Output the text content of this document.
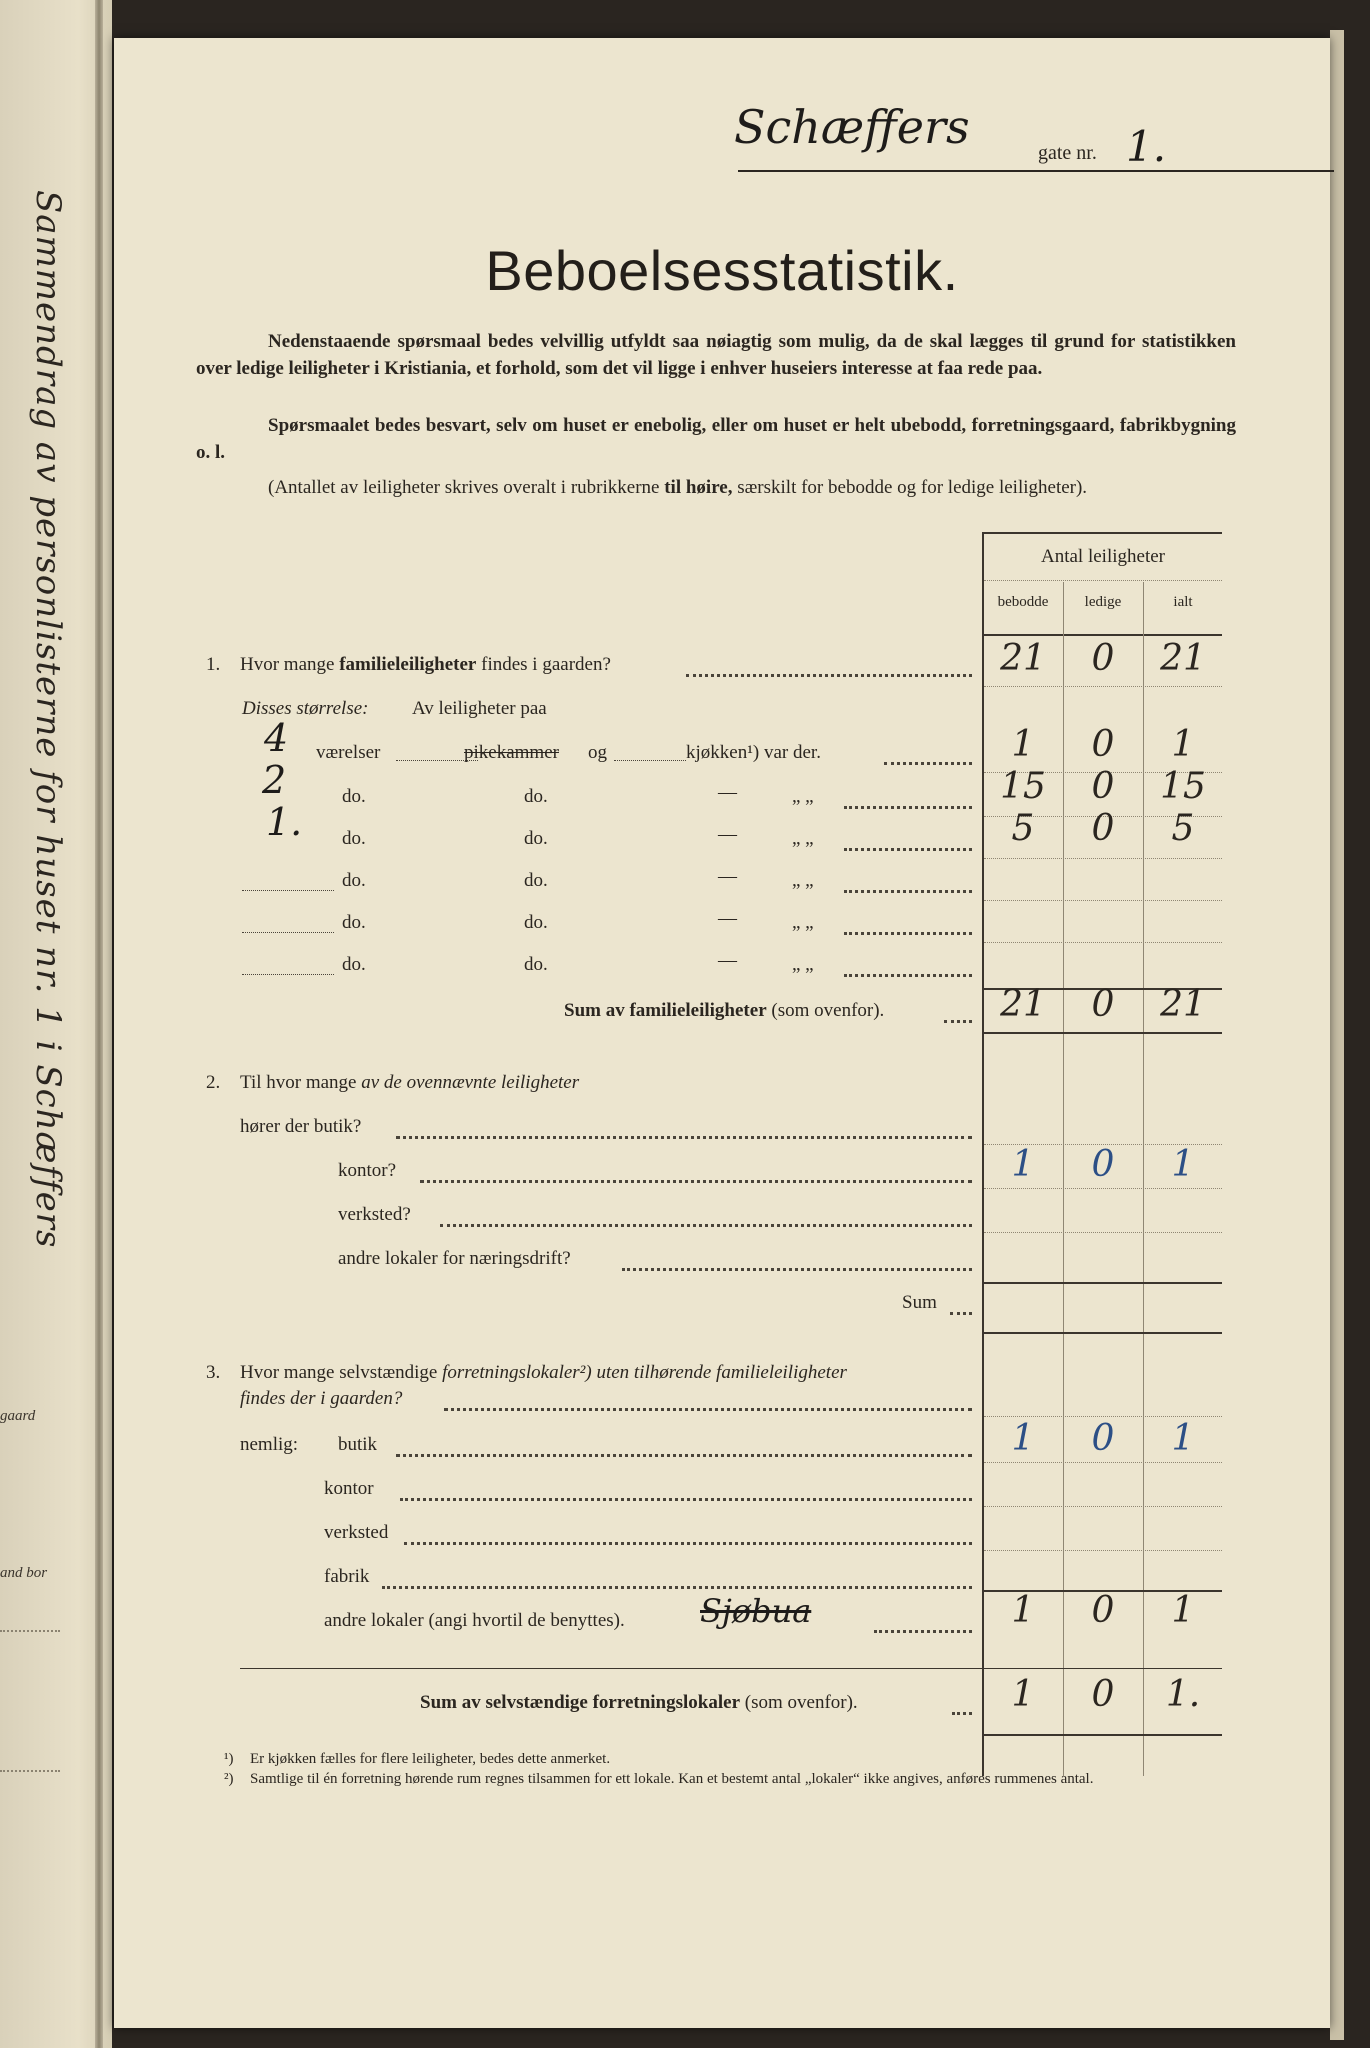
Sammendrag av personlisterne for huset nr. 1 i Schæffers
gaard
and bor
Schæffers	gate nr. 1.
Beboelsesstatistik.
Nedenstaaende spørsmaal bedes velvillig utfyldt saa nøiagtig som mulig, da de skal lægges til grund for statistikken over ledige leiligheter i Kristiania, et forhold, som det vil ligge i enhver huseiers interesse at faa rede paa.
Spørsmaalet bedes besvart, selv om huset er enebolig, eller om huset er helt ubebodd, forretningsgaard, fabrikbygning o. l.
(Antallet av leiligheter skrives overalt i rubrikkerne til høire, særskilt for bebodde og for ledige leiligheter).
Antal leiligheter
bebodde	ledige	ialt
1. Hvor mange familieleiligheter findes i gaarden?	21	0	21
Disses størrelse: Av leiligheter paa
4 værelser	pikekammer og	kjøkken¹) var der.	1	0	1
2	do.	do.	—	„ „	15	0	15
1. do.	do.	—	„ „	5	0	5
do.	do.	—	„ „
do.	do.	—	„ „
do.	do.	—	„ „
Sum av familieleiligheter (som ovenfor).	21	0	21
2. Til hvor mange av de ovennævnte leiligheter
hører der butik?
kontor?	1	0	1
verksted?
andre lokaler for næringsdrift?
Sum
3. Hvor mange selvstændige forretningslokaler²) uten tilhørende familieleiligheter
findes der i gaarden?
nemlig: butik	1	0	1
kontor
verksted
fabrik
andre lokaler (angi hvortil de benyttes). Sjøbua	1	0	1
Sum av selvstændige forretningslokaler (som ovenfor).	1	0	1.
¹) Er kjøkken fælles for flere leiligheter, bedes dette anmerket.
²) Samtlige til én forretning hørende rum regnes tilsammen for ett lokale. Kan et bestemt antal „lokaler“ ikke angives, anføres rummenes antal.
